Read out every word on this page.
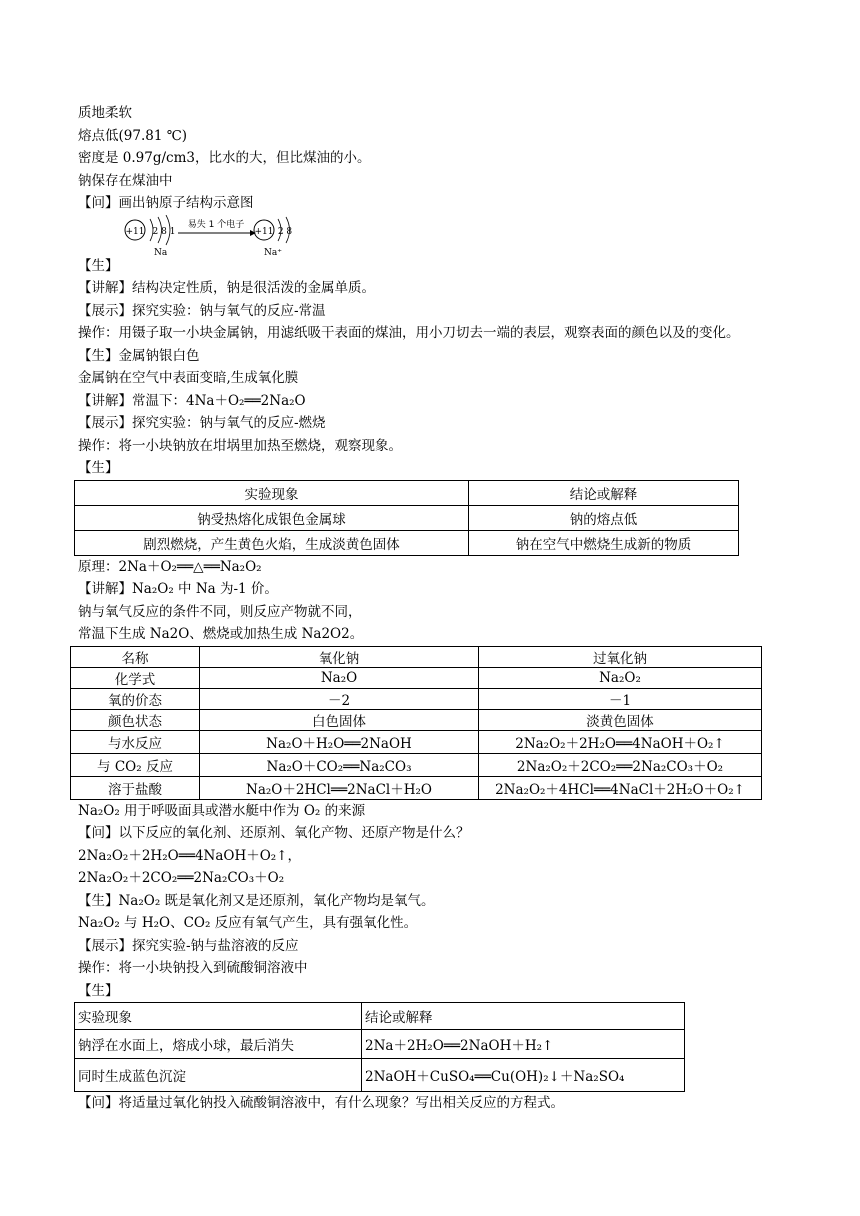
质地柔软
熔点低(97.81 ℃)
密度是 0.97g/cm3，比水的大，但比煤油的小。
钠保存在煤油中
【问】画出钠原子结构示意图
+11 2 8 1
易失 1 个电子
+11 2 8
Na	Na⁺
【生】
【讲解】结构决定性质，钠是很活泼的金属单质。
【展示】探究实验：钠与氧气的反应-常温
操作：用镊子取一小块金属钠，用滤纸吸干表面的煤油，用小刀切去一端的表层，观察表面的颜色以及的变化。
【生】金属钠银白色
金属钠在空气中表面变暗,生成氧化膜
【讲解】常温下：4Na＋O₂══2Na₂O
【展示】探究实验：钠与氧气的反应-燃烧
操作：将一小块钠放在坩埚里加热至燃烧，观察现象。
【生】
实验现象	结论或解释
钠受热熔化成银色金属球	钠的熔点低
剧烈燃烧，产生黄色火焰，生成淡黄色固体	钠在空气中燃烧生成新的物质
原理：2Na＋O₂══△══Na₂O₂
【讲解】Na₂O₂ 中 Na 为-1 价。
钠与氧气反应的条件不同，则反应产物就不同，
常温下生成 Na2O、燃烧或加热生成 Na2O2。
名称	氧化钠	过氧化钠
化学式	Na₂O	Na₂O₂
氧的价态	－2	－1
颜色状态	白色固体	淡黄色固体
与水反应	Na₂O＋H₂O══2NaOH	2Na₂O₂＋2H₂O══4NaOH＋O₂↑
与 CO₂ 反应	Na₂O＋CO₂══Na₂CO₃	2Na₂O₂＋2CO₂══2Na₂CO₃＋O₂
溶于盐酸	Na₂O＋2HCl══2NaCl＋H₂O	2Na₂O₂＋4HCl══4NaCl＋2H₂O＋O₂↑
Na₂O₂ 用于呼吸面具或潜水艇中作为 O₂ 的来源
【问】以下反应的氧化剂、还原剂、氧化产物、还原产物是什么？
2Na₂O₂＋2H₂O══4NaOH＋O₂↑，
2Na₂O₂＋2CO₂══2Na₂CO₃＋O₂
【生】Na₂O₂ 既是氧化剂又是还原剂，氧化产物均是氧气。
Na₂O₂ 与 H₂O、CO₂ 反应有氧气产生，具有强氧化性。
【展示】探究实验-钠与盐溶液的反应
操作：将一小块钠投入到硫酸铜溶液中
【生】
实验现象	结论或解释
钠浮在水面上，熔成小球，最后消失	2Na＋2H₂O══2NaOH＋H₂↑
同时生成蓝色沉淀	2NaOH＋CuSO₄══Cu(OH)₂↓＋Na₂SO₄
【问】将适量过氧化钠投入硫酸铜溶液中，有什么现象？写出相关反应的方程式。
